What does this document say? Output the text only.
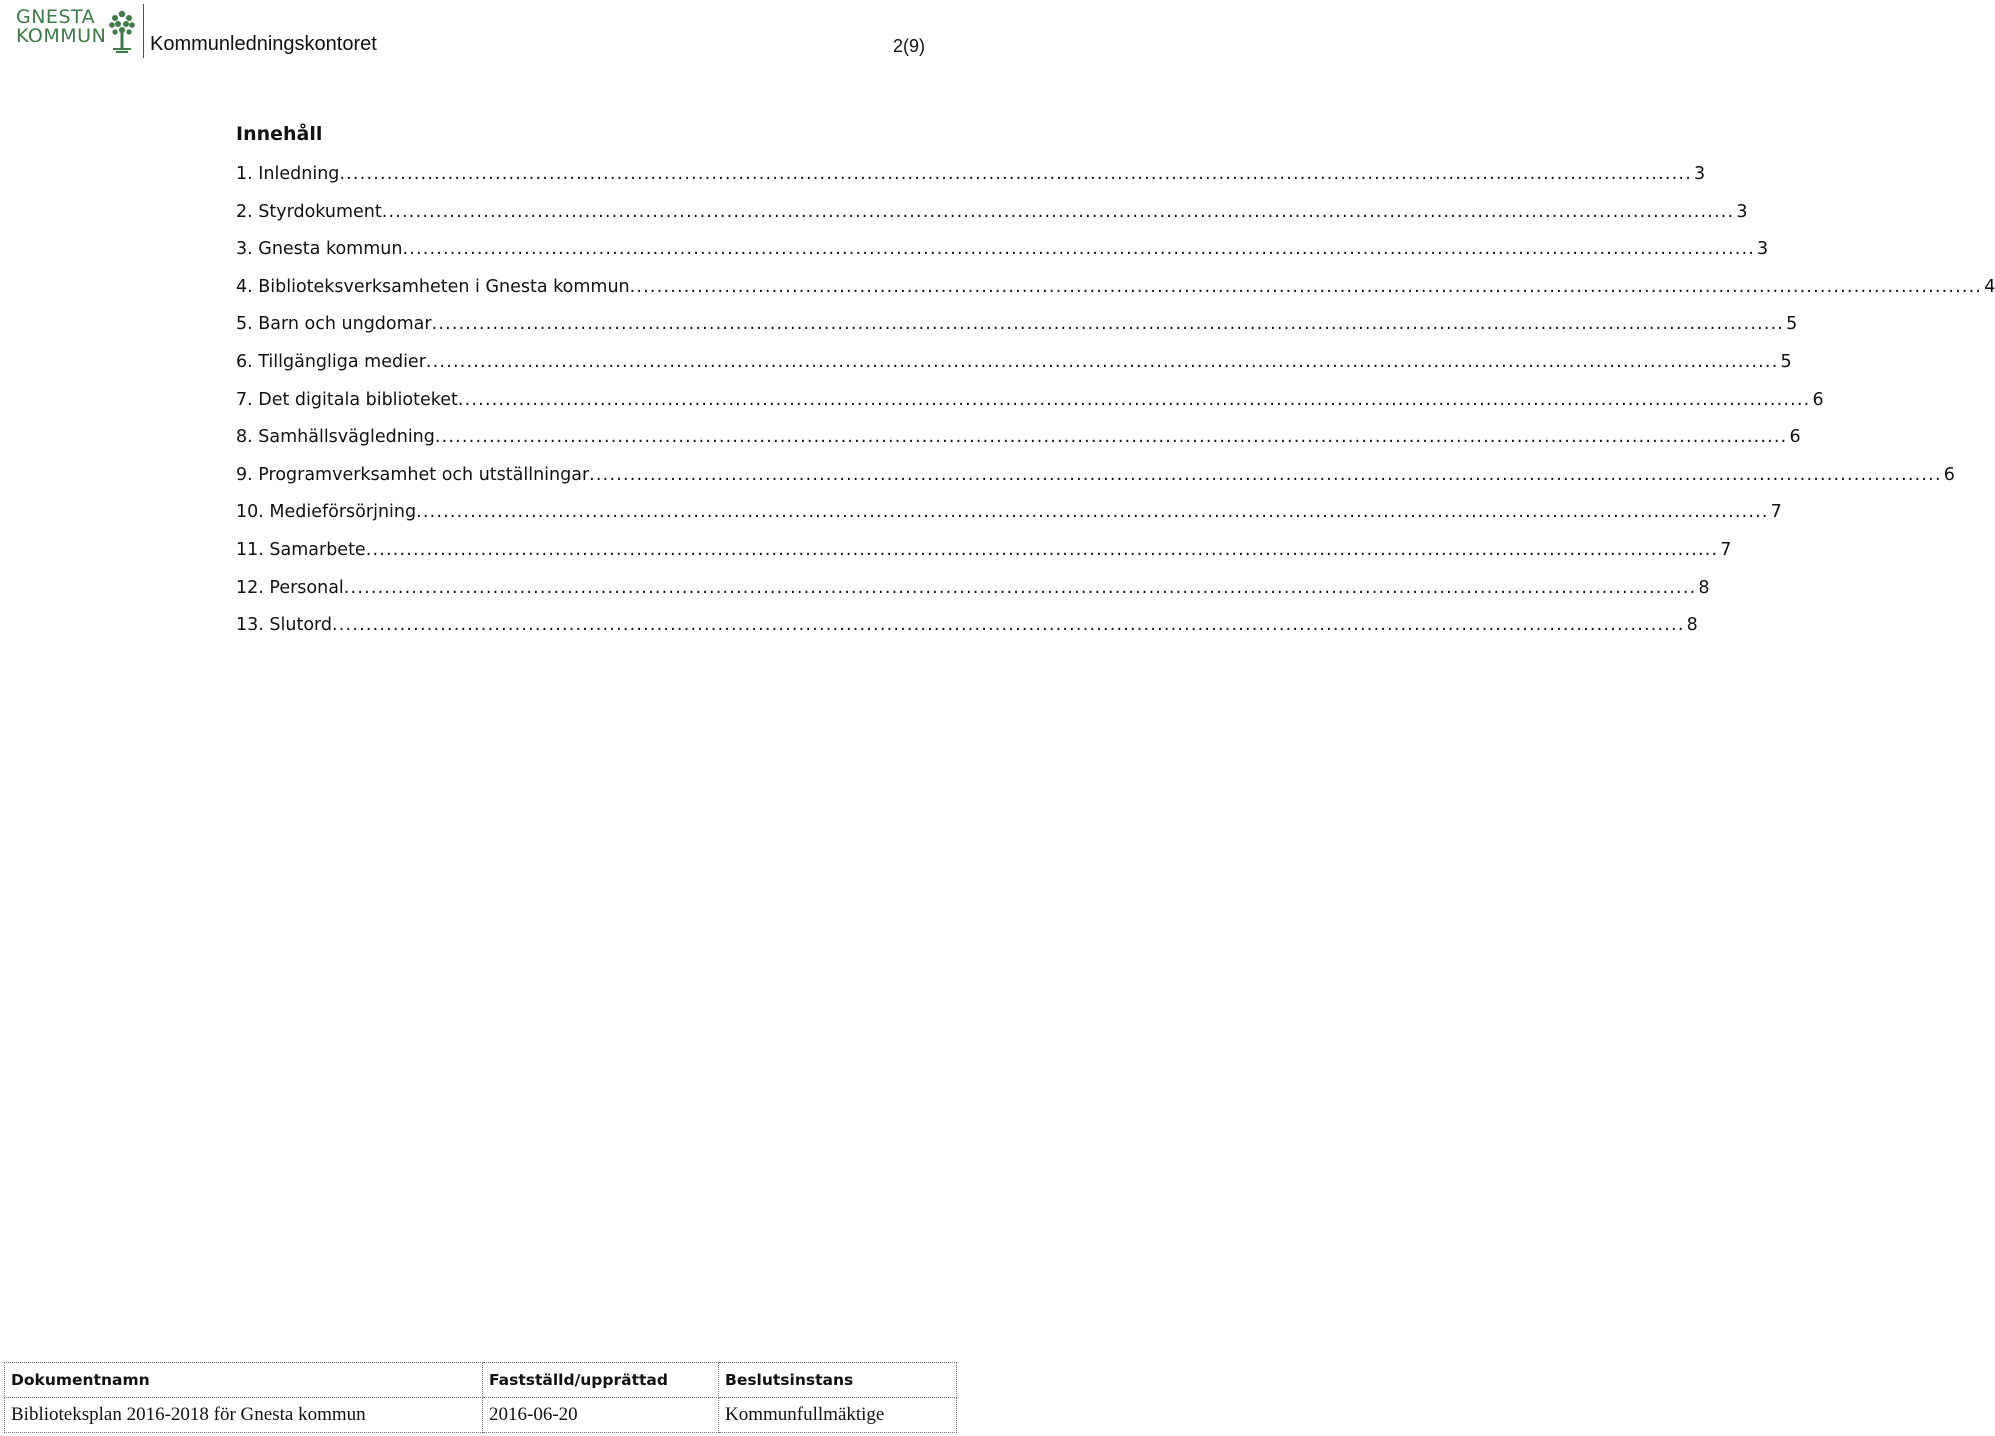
GNESTA
KOMMUN Kommunledningskontoret	2(9)
Innehåll
1. Inledning ........................................................................................................................................................................................................ 3
2. Styrdokument ........................................................................................................................................................................................................ 3
3. Gnesta kommun ........................................................................................................................................................................................................ 3
4. Biblioteksverksamheten i Gnesta kommun ........................................................................................................................................................................................................ 4
5. Barn och ungdomar ........................................................................................................................................................................................................ 5
6. Tillgängliga medier ........................................................................................................................................................................................................ 5
7. Det digitala biblioteket ........................................................................................................................................................................................................ 6
8. Samhällsvägledning ........................................................................................................................................................................................................ 6
9. Programverksamhet och utställningar ........................................................................................................................................................................................................ 6
10. Medieförsörjning ........................................................................................................................................................................................................ 7
11. Samarbete ........................................................................................................................................................................................................ 7
12. Personal ........................................................................................................................................................................................................ 8
13. Slutord ........................................................................................................................................................................................................ 8
Dokumentnamn	Fastställd/upprättad	Beslutsinstans
Biblioteksplan 2016-2018 för Gnesta kommun	2016-06-20	Kommunfullmäktige
